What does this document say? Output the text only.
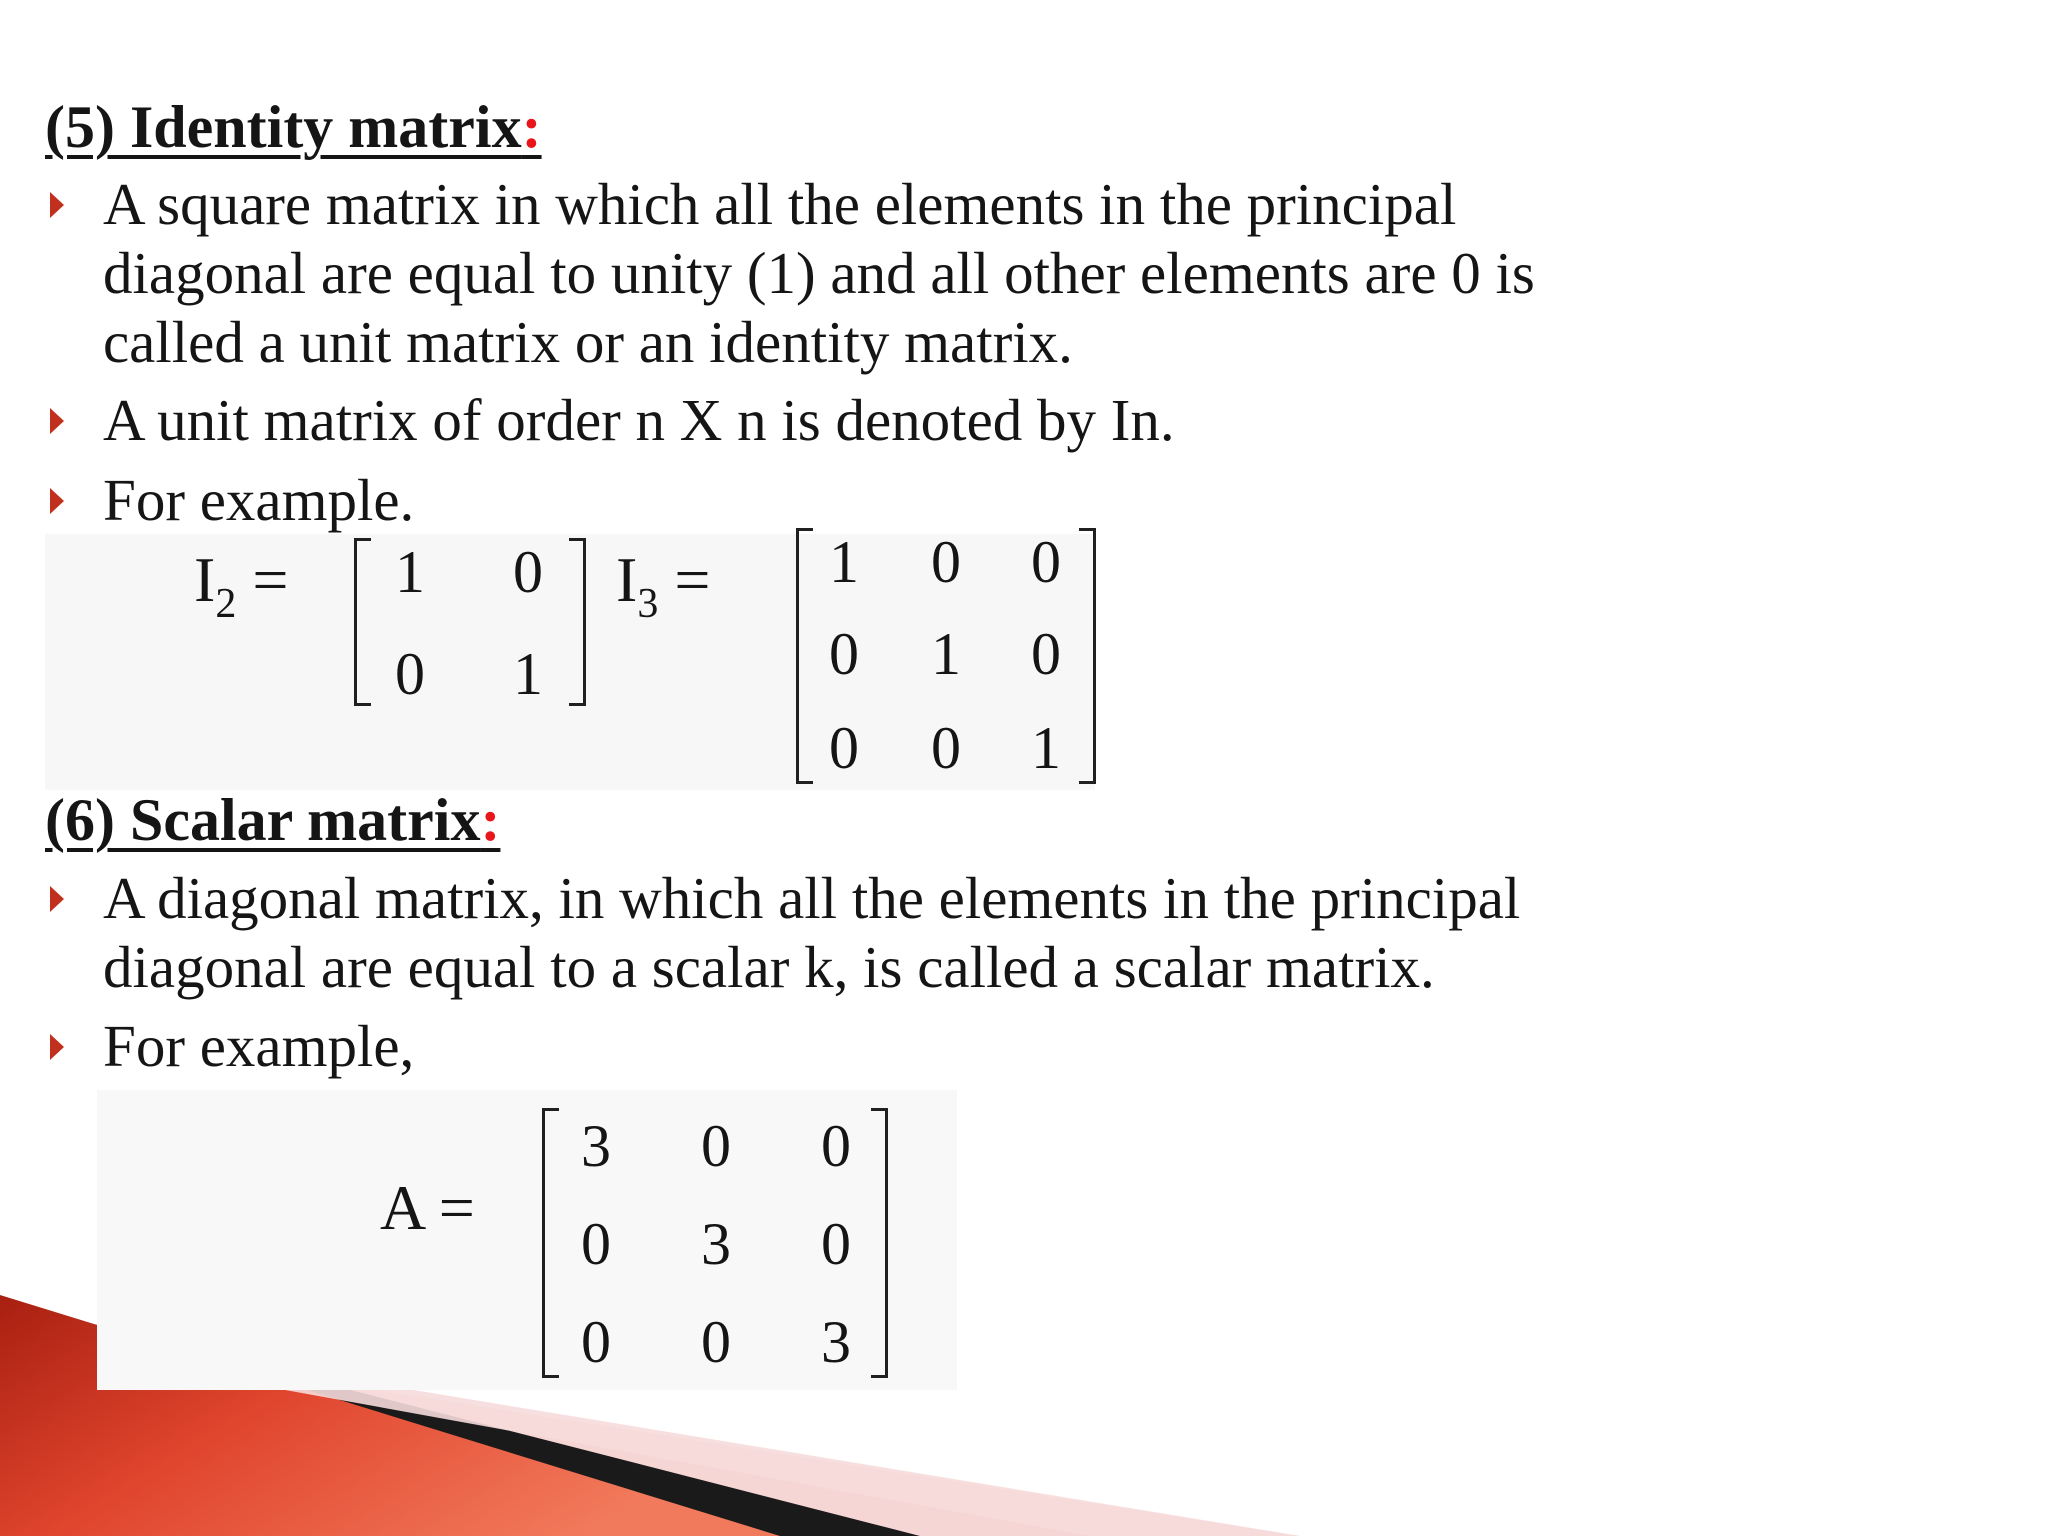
(5) Identity matrix:
A square matrix in which all the elements in the principal
diagonal are equal to unity (1) and all other elements are 0 is
called a unit matrix or an identity matrix.
A unit matrix of order n X n is denoted by In.
For example.
$I_2 = 1$ 0
0 1
$I_3 = 1$ 0 0
0 1 0
0 0 1
(6) Scalar matrix:
A diagonal matrix, in which all the elements in the principal
diagonal are equal to a scalar k, is called a scalar matrix.
For example,
A =
3 0 0
0 3 0
0 0 3
